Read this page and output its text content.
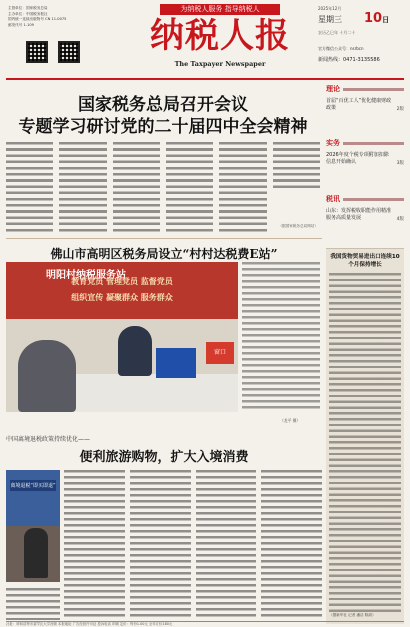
主管单位：国家税务总局
主办单位：中国税务报社
国内统一连续出版物号 CN 11-0075
邮发代号 1-109
为纳税人服务 指导纳税人
纳税人报
The Taxpayer Newspaper
2025年12月
星期三 10日
农历乙巳年 十月二十
官方微信公众号：nsrbcn
新闻热线：0471-3135586
国家税务总局召开会议
专题学习研讨党的二十届四中全会精神
（据国家税务总局网站）
理论
首届“百优工人”优化健康财政政策	2版
实务
2026年度个税专项附加扣除信息开始确认	3版
税讯
山东：发挥税收职能作用精准服务高质量发展	4版
我国货物贸易进出口连续10个月保持增长
（据新华社 记者 潘洁 除淑）
佛山市高明区税务局设立“村村达税费E站”
明阳村纳税服务站
教育党员 管理党员 监督党员
组织宣传 凝聚群众 服务群众
窗口
（龙平 摄）
中国离境退税政策持续优化——
便利旅游购物，扩大入境消费
离境退税“即买即退”
社址：呼和浩特市赛罕区大学西街 本报地址 广告经营许可证 投诉电话 印刷 定价：每份1.00元 全年订价180元
